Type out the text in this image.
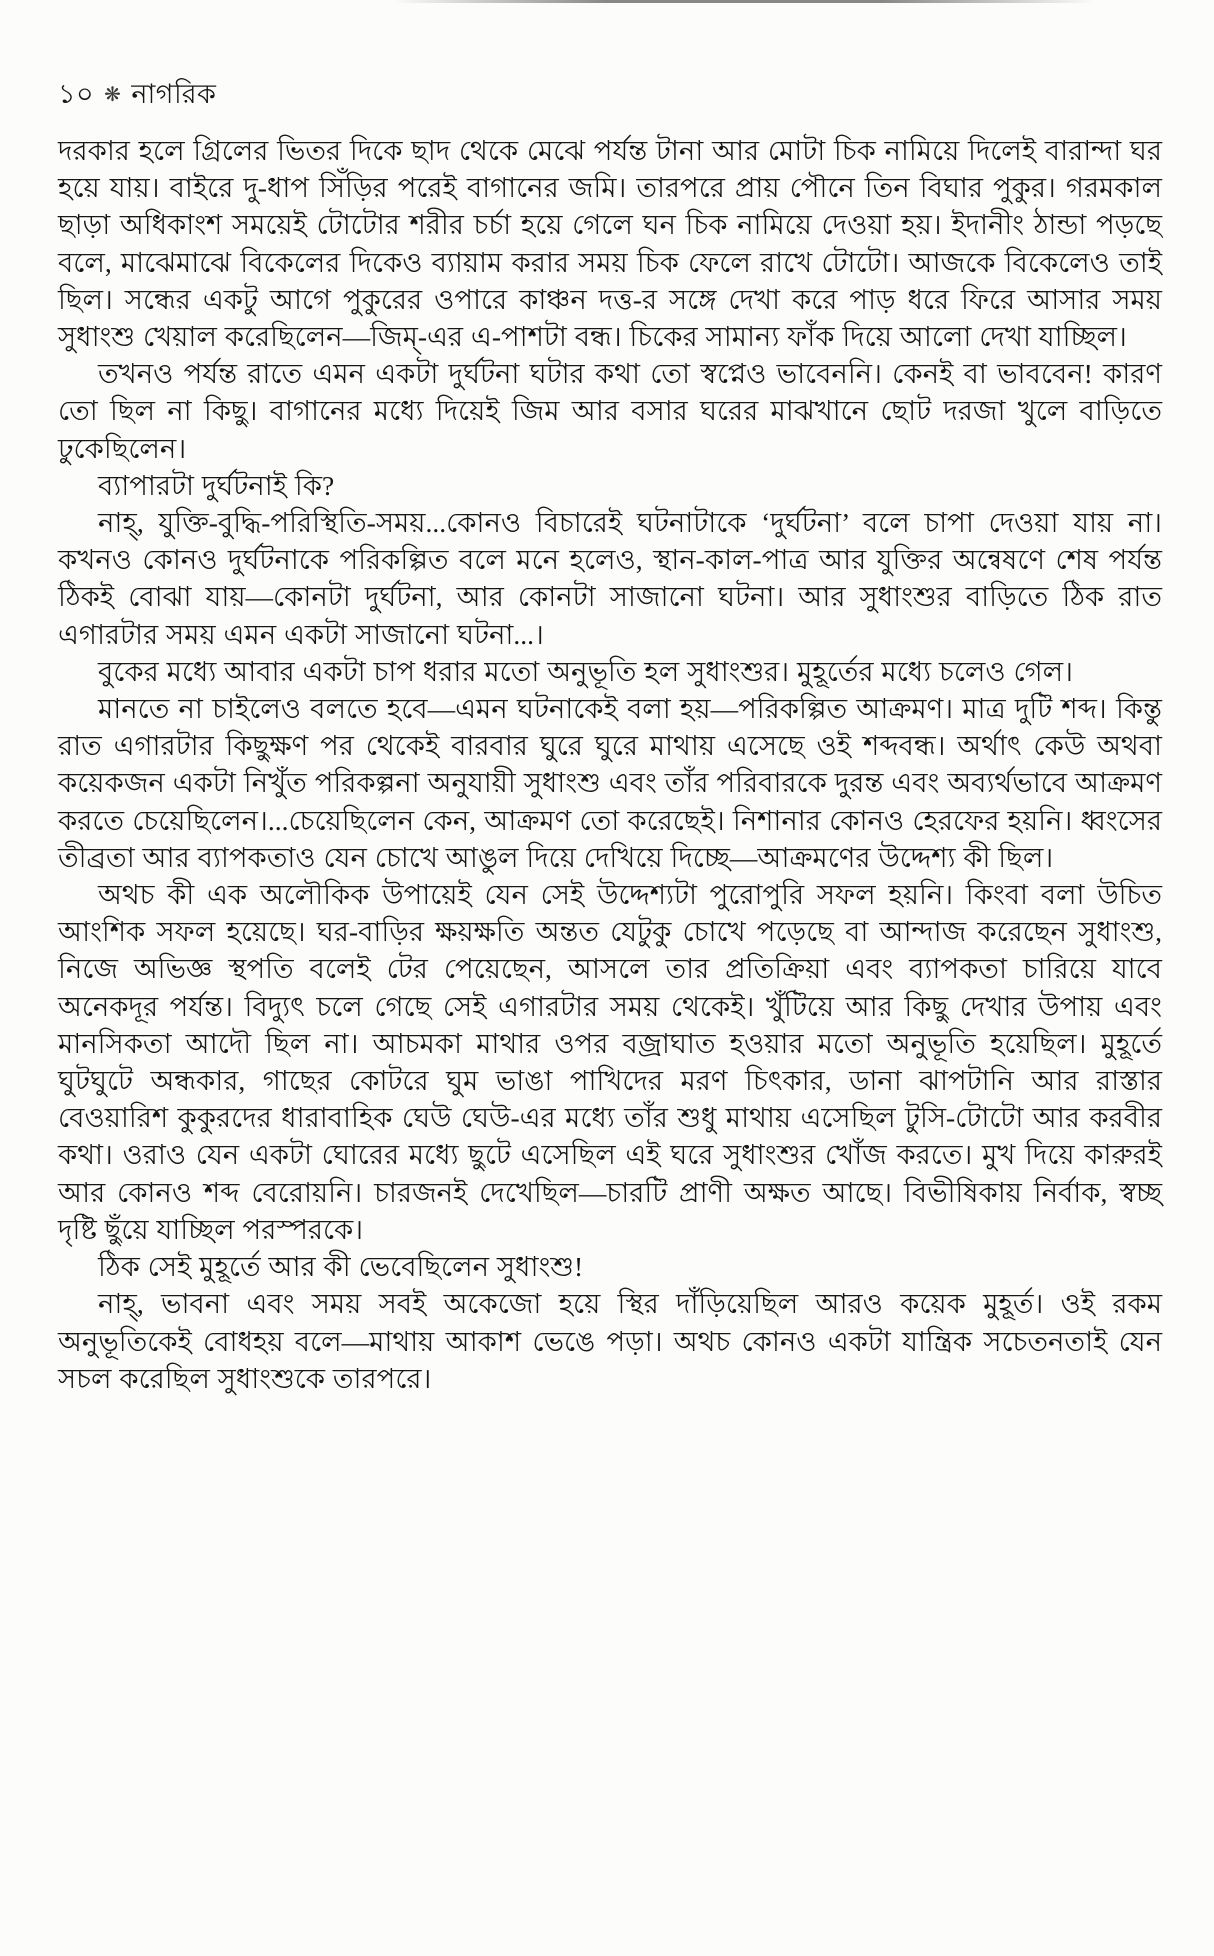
১০ ❋ নাগরিক

দরকার হলে গ্রিলের ভিতর দিকে ছাদ থেকে মেঝে পর্যন্ত টানা আর মোটা চিক নামিয়ে দিলেই বারান্দা ঘর হয়ে যায়। বাইরে দু-ধাপ সিঁড়ির পরেই বাগানের জমি। তারপরে প্রায় পৌনে তিন বিঘার পুকুর। গরমকাল ছাড়া অধিকাংশ সময়েই টোটোর শরীর চর্চা হয়ে গেলে ঘন চিক নামিয়ে দেওয়া হয়। ইদানীং ঠান্ডা পড়ছে বলে, মাঝেমাঝে বিকেলের দিকেও ব্যায়াম করার সময় চিক ফেলে রাখে টোটো। আজকে বিকেলেও তাই ছিল। সন্ধের একটু আগে পুকুরের ওপারে কাঞ্চন দত্ত-র সঙ্গে দেখা করে পাড় ধরে ফিরে আসার সময় সুধাংশু খেয়াল করেছিলেন—জিম্-এর এ-পাশটা বন্ধ। চিকের সামান্য ফাঁক দিয়ে আলো দেখা যাচ্ছিল।

তখনও পর্যন্ত রাতে এমন একটা দুর্ঘটনা ঘটার কথা তো স্বপ্নেও ভাবেননি। কেনই বা ভাববেন! কারণ তো ছিল না কিছু। বাগানের মধ্যে দিয়েই জিম আর বসার ঘরের মাঝখানে ছোট দরজা খুলে বাড়িতে ঢুকেছিলেন।

ব্যাপারটা দুর্ঘটনাই কি?

নাহ্, যুক্তি-বুদ্ধি-পরিস্থিতি-সময়...কোনও বিচারেই ঘটনাটাকে ‘দুর্ঘটনা’ বলে চাপা দেওয়া যায় না। কখনও কোনও দুর্ঘটনাকে পরিকল্পিত বলে মনে হলেও, স্থান-কাল-পাত্র আর যুক্তির অন্বেষণে শেষ পর্যন্ত ঠিকই বোঝা যায়—কোনটা দুর্ঘটনা, আর কোনটা সাজানো ঘটনা। আর সুধাংশুর বাড়িতে ঠিক রাত এগারটার সময় এমন একটা সাজানো ঘটনা...।

বুকের মধ্যে আবার একটা চাপ ধরার মতো অনুভূতি হল সুধাংশুর। মুহূর্তের মধ্যে চলেও গেল।

মানতে না চাইলেও বলতে হবে—এমন ঘটনাকেই বলা হয়—পরিকল্পিত আক্রমণ। মাত্র দুটি শব্দ। কিন্তু রাত এগারটার কিছুক্ষণ পর থেকেই বারবার ঘুরে ঘুরে মাথায় এসেছে ওই শব্দবন্ধ। অর্থাৎ কেউ অথবা কয়েকজন একটা নিখুঁত পরিকল্পনা অনুযায়ী সুধাংশু এবং তাঁর পরিবারকে দুরন্ত এবং অব্যর্থভাবে আক্রমণ করতে চেয়েছিলেন।...চেয়েছিলেন কেন, আক্রমণ তো করেছেই। নিশানার কোনও হেরফের হয়নি। ধ্বংসের তীব্রতা আর ব্যাপকতাও যেন চোখে আঙুল দিয়ে দেখিয়ে দিচ্ছে—আক্রমণের উদ্দেশ্য কী ছিল।

অথচ কী এক অলৌকিক উপায়েই যেন সেই উদ্দেশ্যটা পুরোপুরি সফল হয়নি। কিংবা বলা উচিত আংশিক সফল হয়েছে। ঘর-বাড়ির ক্ষয়ক্ষতি অন্তত যেটুকু চোখে পড়েছে বা আন্দাজ করেছেন সুধাংশু, নিজে অভিজ্ঞ স্থপতি বলেই টের পেয়েছেন, আসলে তার প্রতিক্রিয়া এবং ব্যাপকতা চারিয়ে যাবে অনেকদূর পর্যন্ত। বিদ্যুৎ চলে গেছে সেই এগারটার সময় থেকেই। খুঁটিয়ে আর কিছু দেখার উপায় এবং মানসিকতা আদৌ ছিল না। আচমকা মাথার ওপর বজ্রাঘাত হওয়ার মতো অনুভূতি হয়েছিল। মুহূর্তে ঘুটঘুটে অন্ধকার, গাছের কোটরে ঘুম ভাঙা পাখিদের মরণ চিৎকার, ডানা ঝাপটানি আর রাস্তার বেওয়ারিশ কুকুরদের ধারাবাহিক ঘেউ ঘেউ-এর মধ্যে তাঁর শুধু মাথায় এসেছিল টুসি-টোটো আর করবীর কথা। ওরাও যেন একটা ঘোরের মধ্যে ছুটে এসেছিল এই ঘরে সুধাংশুর খোঁজ করতে। মুখ দিয়ে কারুরই আর কোনও শব্দ বেরোয়নি। চারজনই দেখেছিল—চারটি প্রাণী অক্ষত আছে। বিভীষিকায় নির্বাক, স্বচ্ছ দৃষ্টি ছুঁয়ে যাচ্ছিল পরস্পরকে।

ঠিক সেই মুহূর্তে আর কী ভেবেছিলেন সুধাংশু!

নাহ্, ভাবনা এবং সময় সবই অকেজো হয়ে স্থির দাঁড়িয়েছিল আরও কয়েক মুহূর্ত। ওই রকম অনুভূতিকেই বোধহয় বলে—মাথায় আকাশ ভেঙে পড়া। অথচ কোনও একটা যান্ত্রিক সচেতনতাই যেন সচল করেছিল সুধাংশুকে তারপরে।
